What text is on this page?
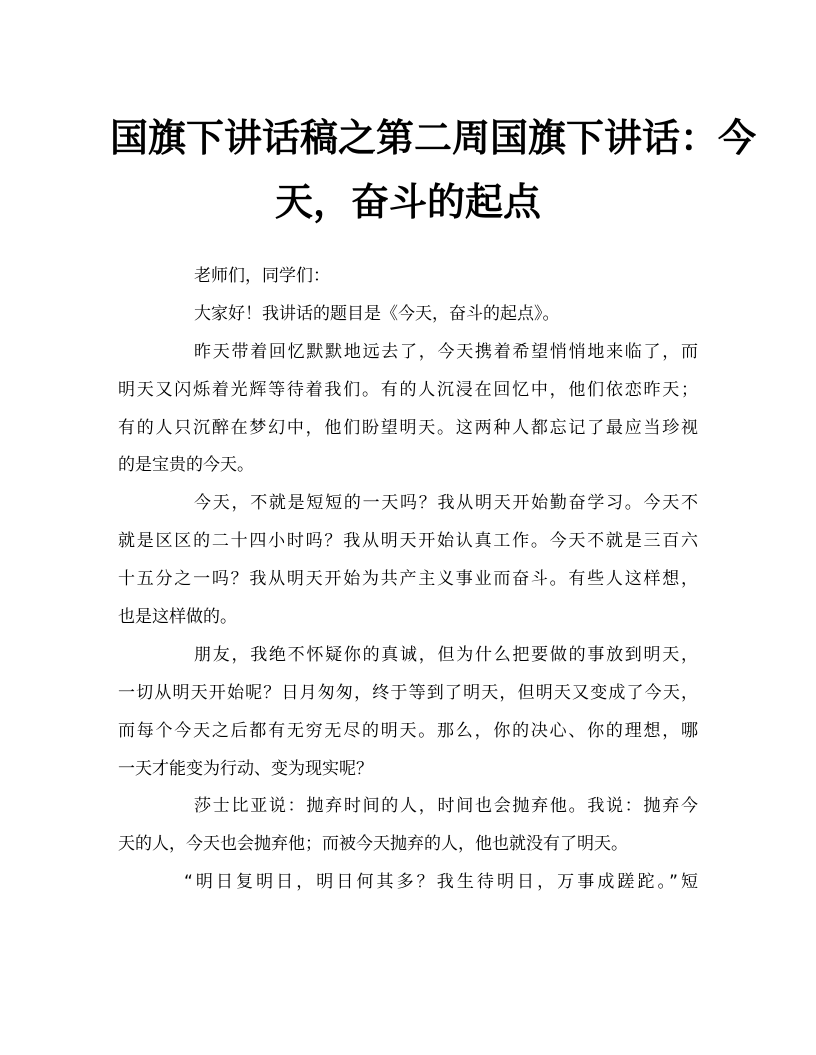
国旗下讲话稿之第二周国旗下讲话：今
天，奋斗的起点
老师们，同学们：
大家好！我讲话的题目是《今天，奋斗的起点》。
昨天带着回忆默默地远去了，今天携着希望悄悄地来临了，而
明天又闪烁着光辉等待着我们。有的人沉浸在回忆中，他们依恋昨天；
有的人只沉醉在梦幻中，他们盼望明天。这两种人都忘记了最应当珍视
的是宝贵的今天。
今天，不就是短短的一天吗？我从明天开始勤奋学习。今天不
就是区区的二十四小时吗？我从明天开始认真工作。今天不就是三百六
十五分之一吗？我从明天开始为共产主义事业而奋斗。有些人这样想，
也是这样做的。
朋友，我绝不怀疑你的真诚，但为什么把要做的事放到明天，
一切从明天开始呢？日月匆匆，终于等到了明天，但明天又变成了今天，
而每个今天之后都有无穷无尽的明天。那么，你的决心、你的理想，哪
一天才能变为行动、变为现实呢？
莎士比亚说：抛弃时间的人，时间也会抛弃他。我说：抛弃今
天的人，今天也会抛弃他；而被今天抛弃的人，他也就没有了明天。
“明日复明日，明日何其多？我生待明日，万事成蹉跎。”短
